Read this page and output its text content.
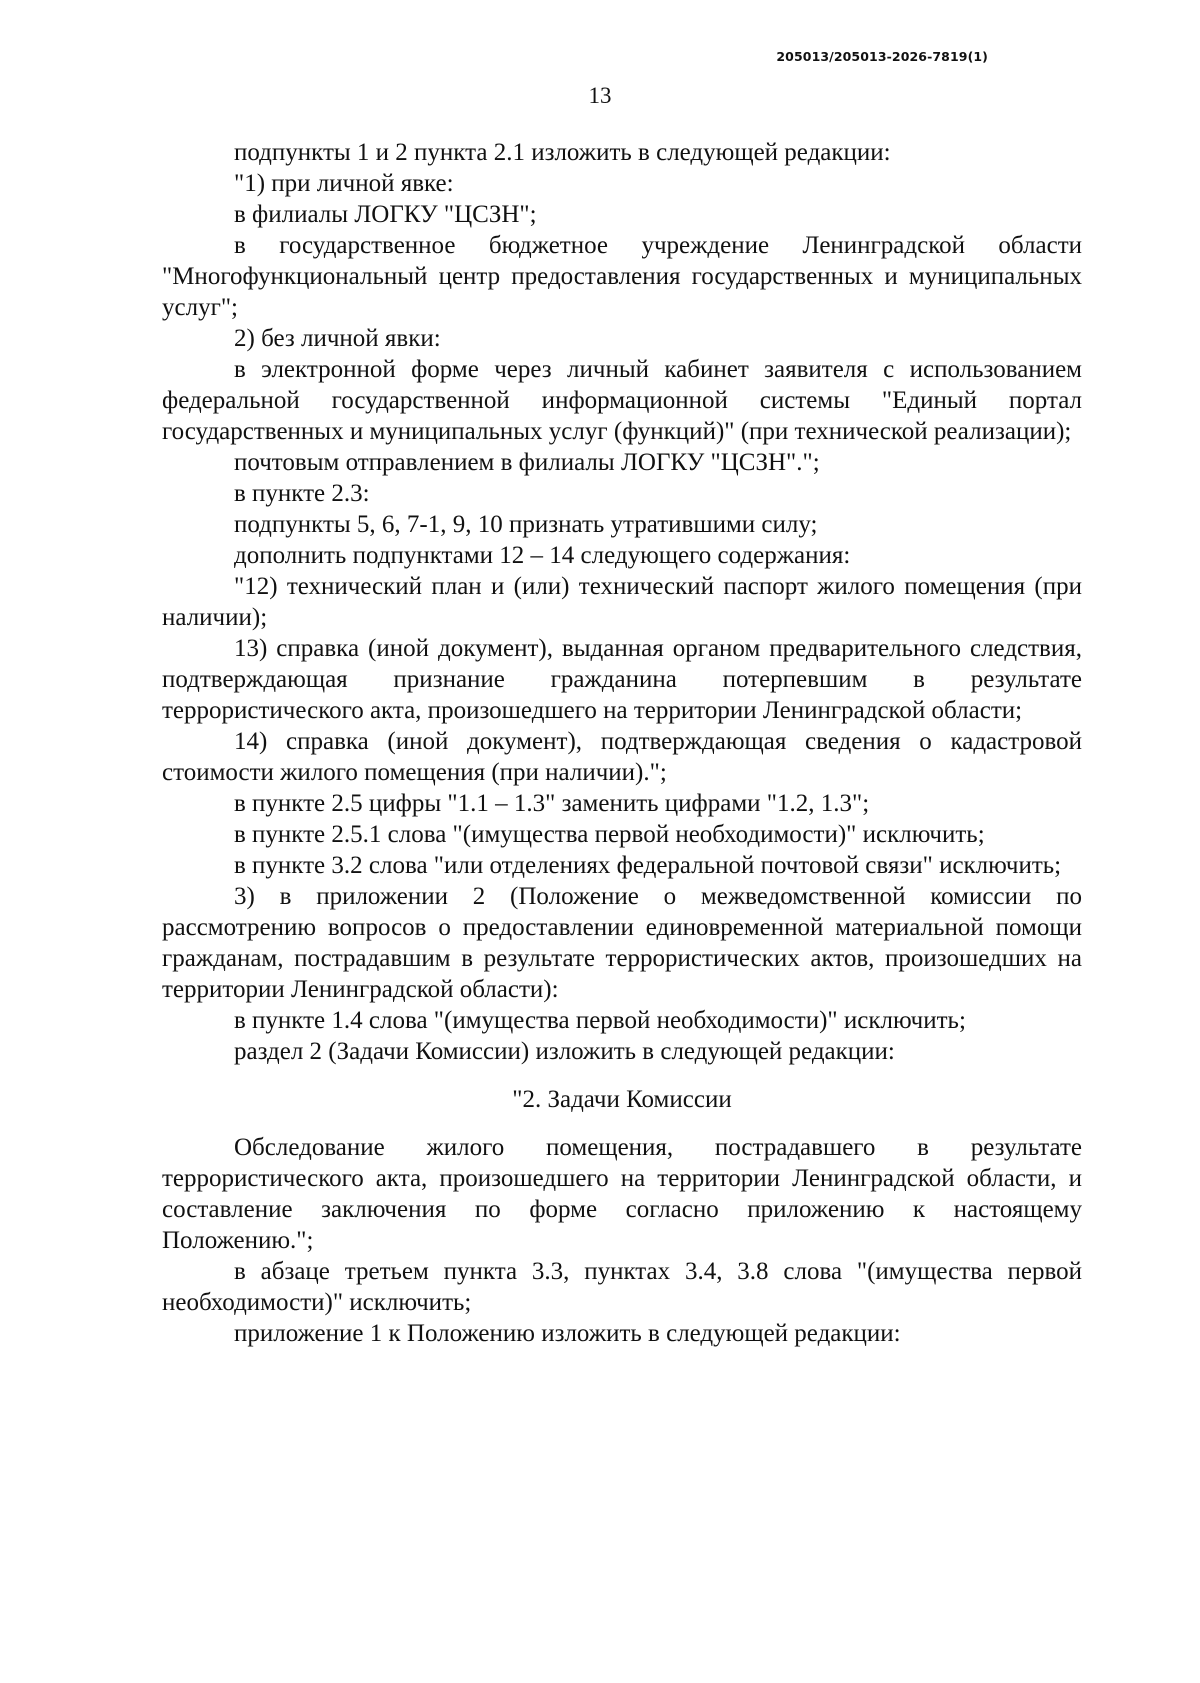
205013/205013-2026-7819(1)
13

подпункты 1 и 2 пункта 2.1 изложить в следующей редакции:

"1) при личной явке:

в филиалы ЛОГКУ "ЦСЗН";

в государственное бюджетное учреждение Ленинградской области "Многофункциональный центр предоставления государственных и муниципальных услуг";

2) без личной явки:

в электронной форме через личный кабинет заявителя с использованием федеральной государственной информационной системы "Единый портал государственных и муниципальных услуг (функций)" (при технической реализации);

почтовым отправлением в филиалы ЛОГКУ "ЦСЗН".";

в пункте 2.3:

подпункты 5, 6, 7-1, 9, 10 признать утратившими силу;

дополнить подпунктами 12 – 14 следующего содержания:

"12) технический план и (или) технический паспорт жилого помещения (при наличии);

13) справка (иной документ), выданная органом предварительного следствия, подтверждающая признание гражданина потерпевшим в результате террористического акта, произошедшего на территории Ленинградской области;

14) справка (иной документ), подтверждающая сведения о кадастровой стоимости жилого помещения (при наличии).";

в пункте 2.5 цифры "1.1 – 1.3" заменить цифрами "1.2, 1.3";

в пункте 2.5.1 слова "(имущества первой необходимости)" исключить;

в пункте 3.2 слова "или отделениях федеральной почтовой связи" исключить;

3) в приложении 2 (Положение о межведомственной комиссии по рассмотрению вопросов о предоставлении единовременной материальной помощи гражданам, пострадавшим в результате террористических актов, произошедших на территории Ленинградской области):

в пункте 1.4 слова "(имущества первой необходимости)" исключить;

раздел 2 (Задачи Комиссии) изложить в следующей редакции:

"2. Задачи Комиссии

Обследование жилого помещения, пострадавшего в результате террористического акта, произошедшего на территории Ленинградской области, и составление заключения по форме согласно приложению к настоящему Положению.";

в абзаце третьем пункта 3.3, пунктах 3.4, 3.8 слова "(имущества первой необходимости)" исключить;

приложение 1 к Положению изложить в следующей редакции:
